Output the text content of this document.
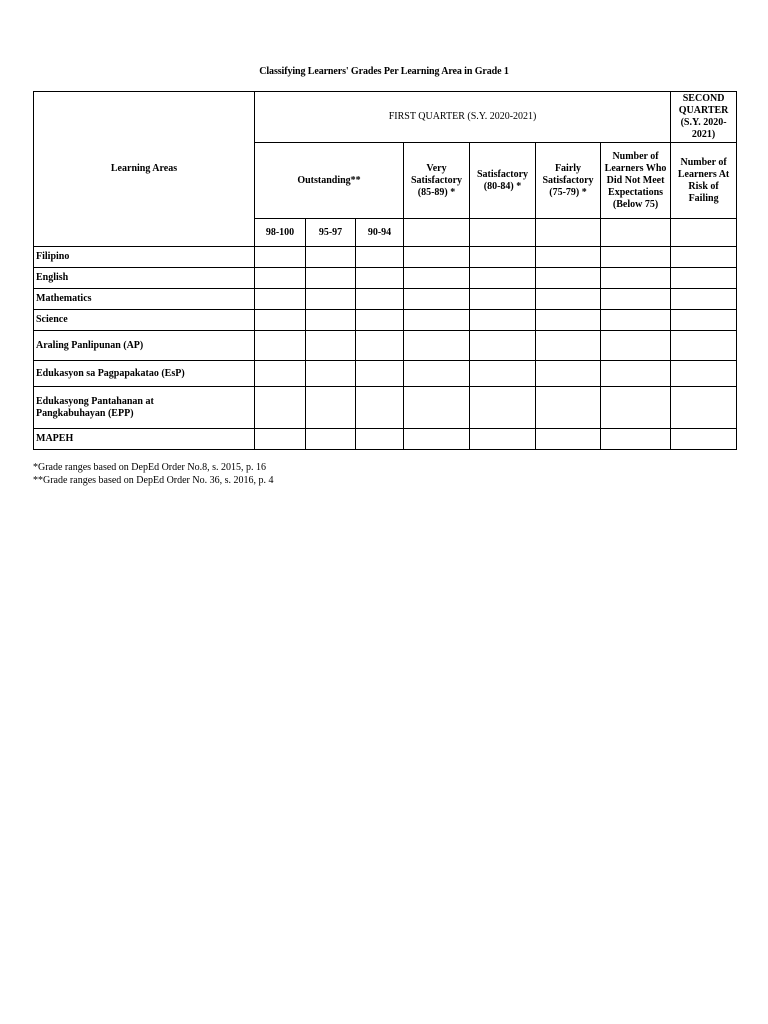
Classifying Learners' Grades Per Learning Area in Grade 1
Learning Areas	FIRST QUARTER (S.Y. 2020-2021)							SECOND QUARTER (S.Y. 2020-2021)
	Outstanding**			Very Satisfactory (85-89) *	Satisfactory (80-84) *	Fairly Satisfactory (75-79) *	Number of Learners Who Did Not Meet Expectations (Below 75)	Number of Learners At Risk of Failing
	98-100	95-97	90-94					
Filipino								
English								
Mathematics								
Science								

Araling Panlipunan (AP)								

Edukasyon sa Pagpapakatao (EsP)								

Edukasyong Pantahanan at Pangkabuhayan (EPP)								

MAPEH								
*Grade ranges based on DepEd Order No.8, s. 2015, p. 16
**Grade ranges based on DepEd Order No. 36, s. 2016, p. 4
